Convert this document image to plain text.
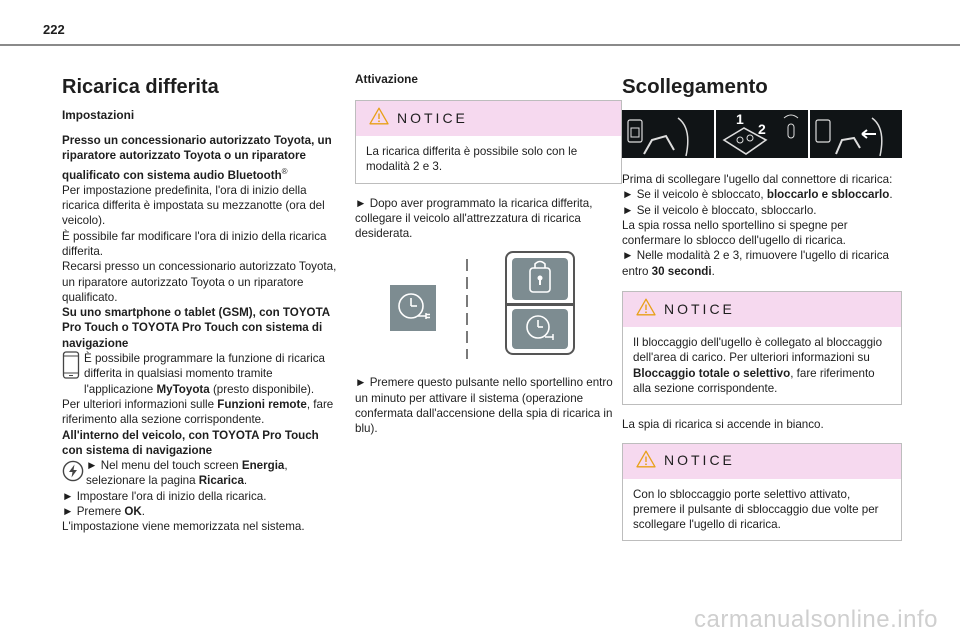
222
Ricarica differita
Impostazioni

Presso un concessionario autorizzato Toyota, un riparatore autorizzato Toyota o un riparatore qualificato con sistema audio Bluetooth®

Per impostazione predefinita, l'ora di inizio della ricarica differita è impostata su mezzanotte (ora del veicolo).

È possibile far modificare l'ora di inizio della ricarica differita.

Recarsi presso un concessionario autorizzato Toyota, un riparatore autorizzato Toyota o un riparatore qualificato.

Su uno smartphone o tablet (GSM), con TOYOTA Pro Touch o TOYOTA Pro Touch con sistema di navigazione

È possibile programmare la funzione di ricarica differita in qualsiasi momento tramite l'applicazione MyToyota (presto disponibile).

Per ulteriori informazioni sulle Funzioni remote, fare riferimento alla sezione corrispondente.

All'interno del veicolo, con TOYOTA Pro Touch con sistema di navigazione

► Nel menu del touch screen Energia, selezionare la pagina Ricarica.

► Impostare l'ora di inizio della ricarica.

► Premere OK.

L'impostazione viene memorizzata nel sistema.

Attivazione
NOTICE
La ricarica differita è possibile solo con le modalità 2 e 3.

► Dopo aver programmato la ricarica differita, collegare il veicolo all'attrezzatura di ricarica desiderata.

► Premere questo pulsante nello sportellino entro un minuto per attivare il sistema (operazione confermata dall'accensione della spia di ricarica in blu).

Scollegamento
1
2

Prima di scollegare l'ugello dal connettore di ricarica:

► Se il veicolo è sbloccato, bloccarlo e sbloccarlo.

► Se il veicolo è bloccato, sbloccarlo.

La spia rossa nello sportellino si spegne per confermare lo sblocco dell'ugello di ricarica.

► Nelle modalità 2 e 3, rimuovere l'ugello di ricarica entro 30 secondi.

NOTICE
Il bloccaggio dell'ugello è collegato al bloccaggio dell'area di carico. Per ulteriori informazioni su Bloccaggio totale o selettivo, fare riferimento alla sezione corrispondente.

La spia di ricarica si accende in bianco.

NOTICE
Con lo sbloccaggio porte selettivo attivato, premere il pulsante di sbloccaggio due volte per scollegare l'ugello di ricarica.
carmanualsonline.info
